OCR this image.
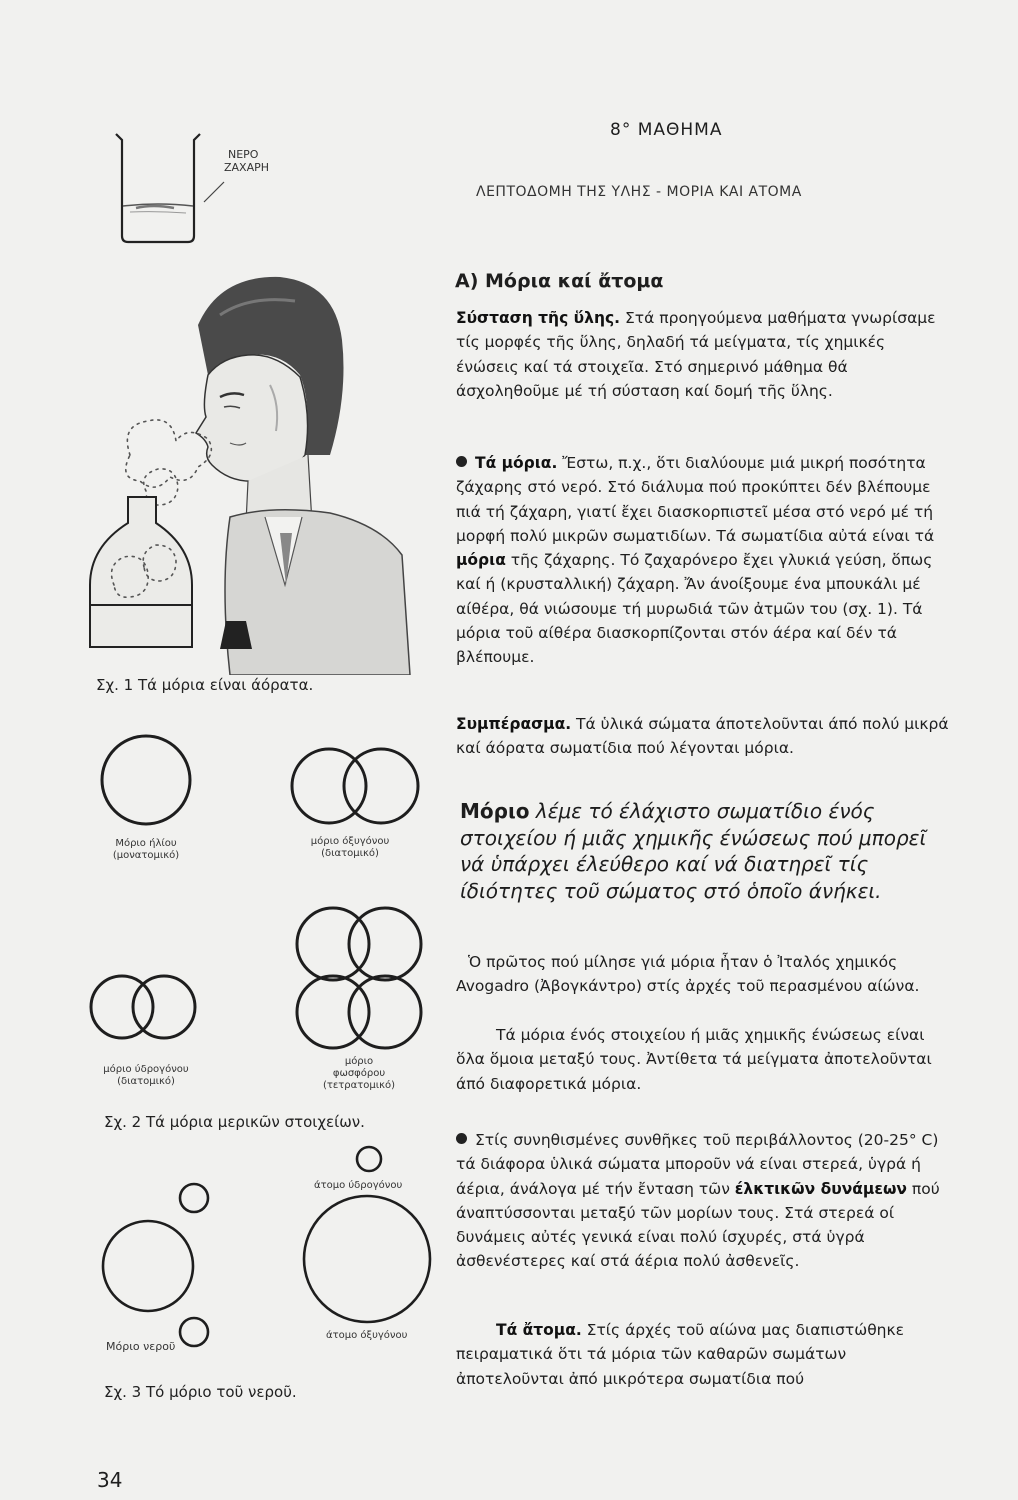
ΝΕΡΟ
ΖΑΧΑΡΗ
Σχ. 1 Τά μόρια είναι άόρατα.
Μόριο ήλίου
(μονατομικό)
μόριο όξυγόνου
(διατομικό)
μόριο
φωσφόρου
(τετρατομικό)
μόριο ύδρογόνου
(διατομικό)
Σχ. 2 Τά μόρια μερικῶν στοιχείων.
Μόριο νεροῦ
άτομο ύδρογόνου
άτομο όξυγόνου
Σχ. 3 Τό μόριο τοῦ νεροῦ.
8° ΜΑΘΗΜΑ
ΛΕΠΤΟΔΟΜΗ ΤΗΣ ΥΛΗΣ - ΜΟΡΙΑ ΚΑΙ ΑΤΟΜΑ
Α) Μόρια καί ἄτομα

Σύσταση τῆς ὕλης. Στά προηγούμενα μαθήματα γνωρίσαμε τίς μορφές τῆς ὕλης, δηλαδή τά μείγματα, τίς χημικές ένώσεις καί τά στοιχεῖα. Στό σημερινό μάθημα θά άσχοληθοῦμε μέ τή σύσταση καί δομή τῆς ὕλης.

Τά μόρια. Ἔστω, π.χ., ὅτι διαλύουμε μιά μικρή ποσότητα ζάχαρης στό νερό. Στό διάλυμα πού προκύπτει δέν βλέπουμε πιά τή ζάχαρη, γιατί ἔχει διασκορπιστεῖ μέσα στό νερό μέ τή μορφή πολύ μικρῶν σωματιδίων. Τά σωματίδια αὐτά είναι τά μόρια τῆς ζάχαρης. Τό ζαχαρόνερο ἔχει γλυκιά γεύση, ὅπως καί ή (κρυσταλλική) ζάχαρη. Ἄν άνοίξουμε ένα μπουκάλι μέ αίθέρα, θά νιώσουμε τή μυρωδιά τῶν ἀτμῶν του (σχ. 1). Τά μόρια τοῦ αίθέρα διασκορπίζονται στόν άέρα καί δέν τά βλέπουμε.

Συμπέρασμα. Τά ὑλικά σώματα άποτελοῦνται άπό πολύ μικρά καί άόρατα σωματίδια πού λέγονται μόρια.

Μόριο λέμε τό έλάχιστο σωματίδιο ένός στοιχείου ή μιᾶς χημικῆς ένώσεως πού μπορεῖ νά ὑπάρχει έλεύθερο καί νά διατηρεῖ τίς ίδιότητες τοῦ σώματος στό ὁποῖο άνήκει.

Ὁ πρῶτος πού μίλησε γιά μόρια ἦταν ὁ Ἰταλός χημικός Avogadro (Ἀβογκάντρο) στίς ἀρχές τοῦ περασμένου αίώνα.

Τά μόρια ένός στοιχείου ή μιᾶς χημικῆς ένώσεως είναι ὅλα ὅμοια μεταξύ τους. Ἀντίθετα τά μείγματα ἀποτελοῦνται άπό διαφορετικά μόρια.

Στίς συνηθισμένες συνθῆκες τοῦ περιβάλλοντος (20-25° C) τά διάφορα ὑλικά σώματα μποροῦν νά είναι στερεά, ὑγρά ή άέρια, άνάλογα μέ τήν ἔνταση τῶν έλκτικῶν δυνάμεων πού άναπτύσσονται μεταξύ τῶν μορίων τους. Στά στερεά οί δυνάμεις αὐτές γενικά είναι πολύ ίσχυρές, στά ὑγρά ἀσθενέστερες καί στά άέρια πολύ ἀσθενεῖς.

Τά ἄτομα. Στίς άρχές τοῦ αίώνα μας διαπιστώθηκε πειραματικά ὅτι τά μόρια τῶν καθαρῶν σωμάτων ἀποτελοῦνται ἀπό μικρότερα σωματίδια πού

34
